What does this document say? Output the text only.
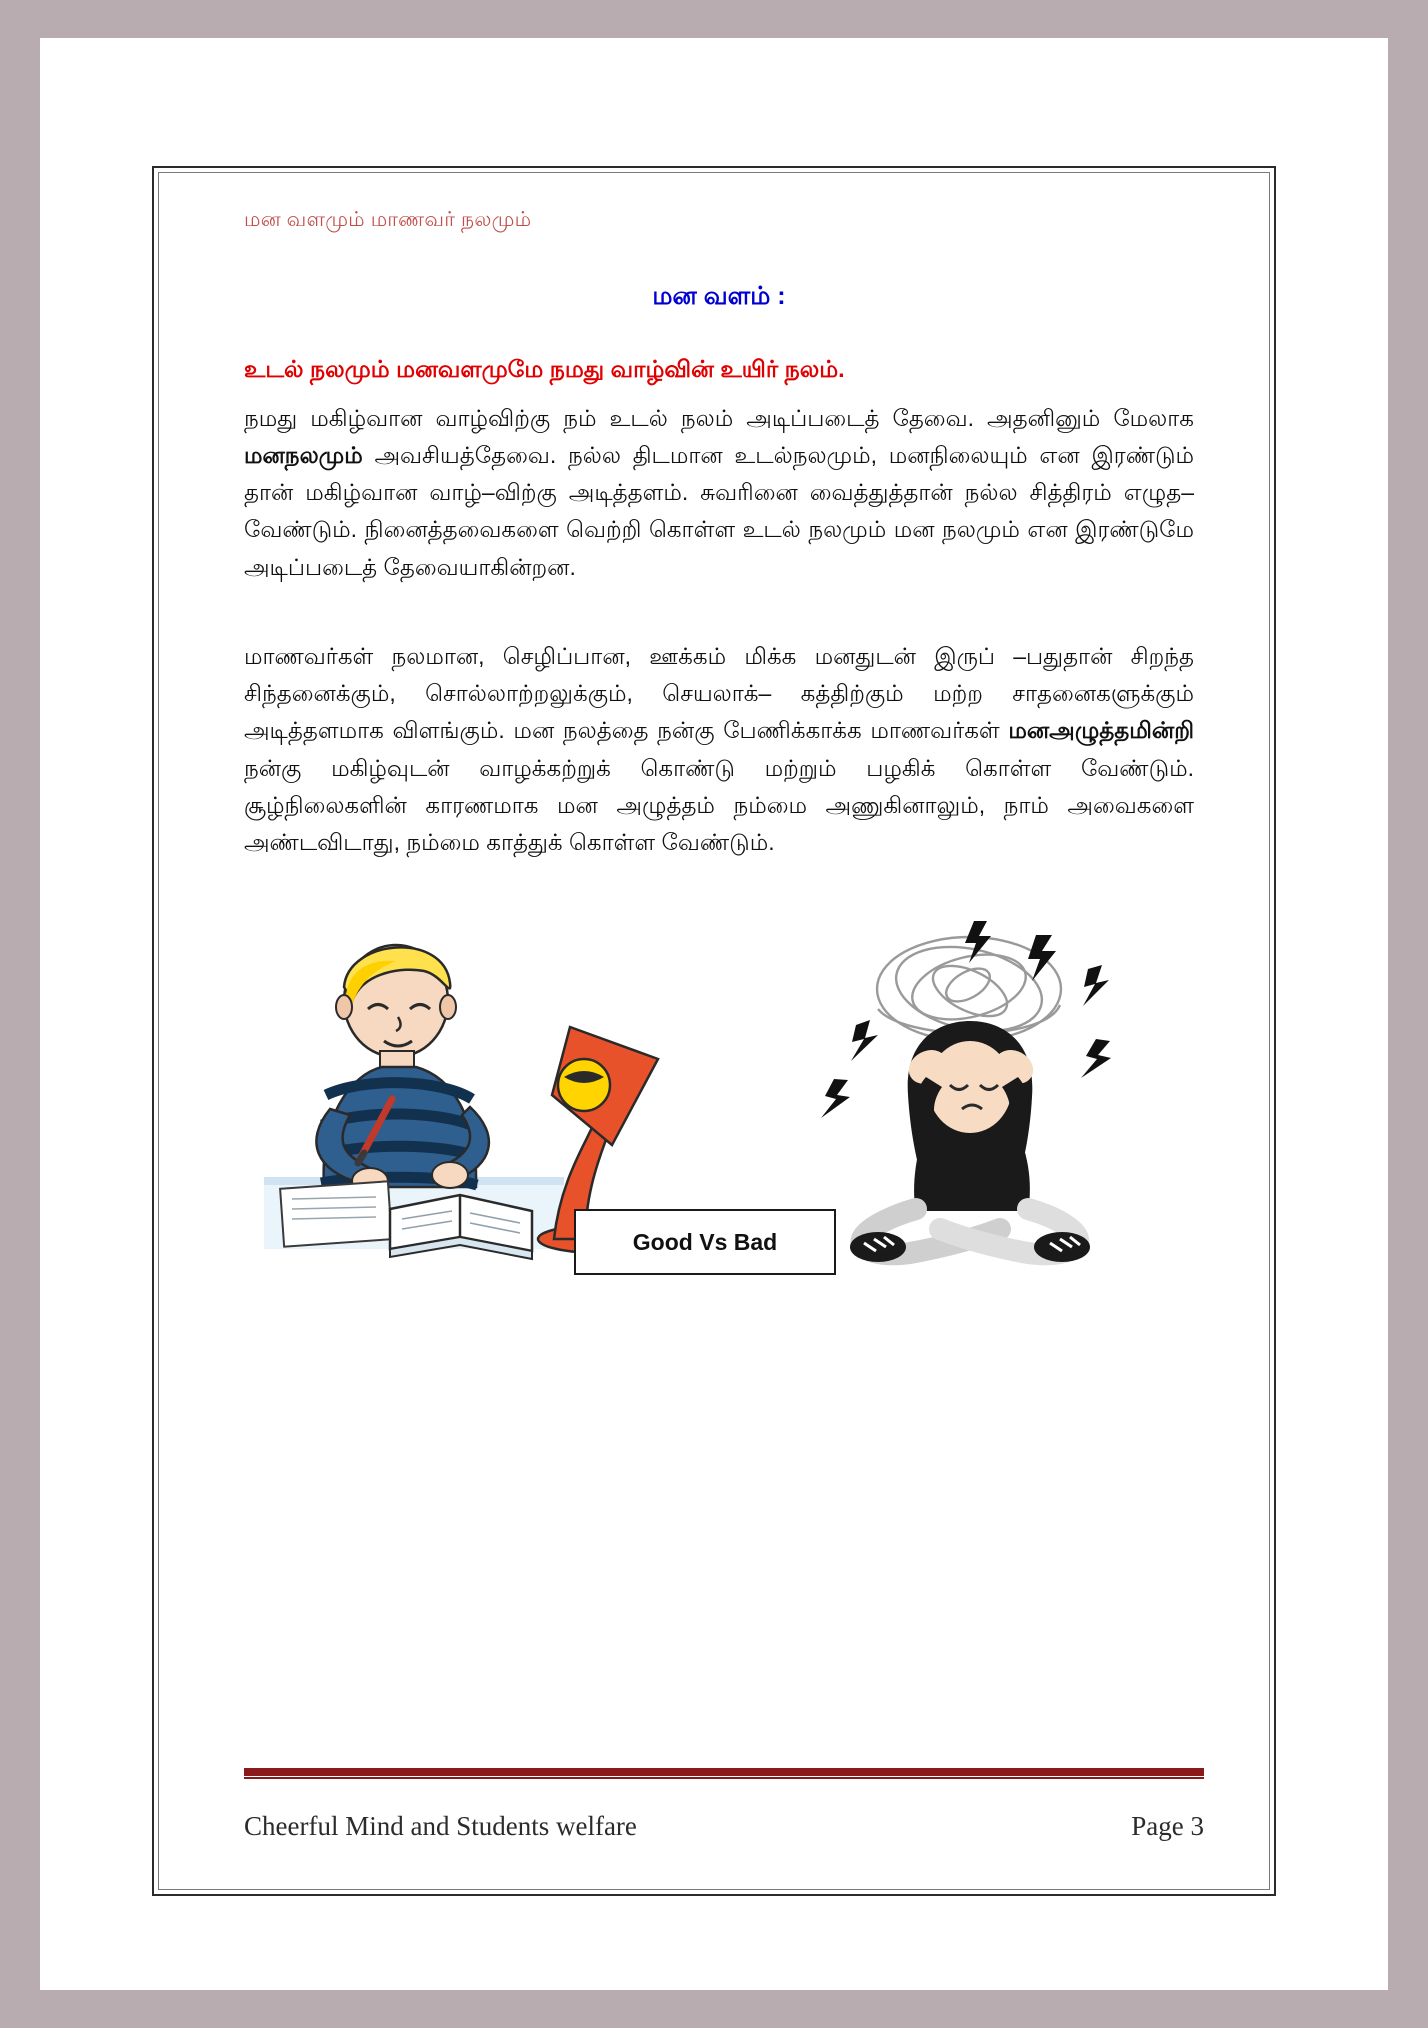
மன வளமும் மாணவர் நலமும்
மன வளம் :
உடல் நலமும் மனவளமுமே நமது வாழ்வின் உயிர் நலம்.

நமது மகிழ்வான வாழ்விற்கு நம் உடல் நலம் அடிப்படைத் தேவை. அதனினும் மேலாக மனநலமும் அவசியத்தேவை. நல்ல திடமான உடல்நலமும், மனநிலையும் என இரண்டும் தான் மகிழ்வான வாழ்–விற்கு அடித்தளம். சுவரினை வைத்துத்தான் நல்ல சித்திரம் எழுத–வேண்டும். நினைத்தவைகளை வெற்றி கொள்ள உடல் நலமும் மன நலமும் என இரண்டுமே அடிப்படைத் தேவையாகின்றன.

மாணவர்கள் நலமான, செழிப்பான, ஊக்கம் மிக்க மனதுடன் இருப் –பதுதான் சிறந்த சிந்தனைக்கும், சொல்லாற்றலுக்கும், செயலாக்– கத்திற்கும் மற்ற சாதனைகளுக்கும் அடித்தளமாக விளங்கும். மன நலத்தை நன்கு பேணிக்காக்க மாணவர்கள் மனஅழுத்தமின்றி நன்கு மகிழ்வுடன் வாழக்கற்றுக் கொண்டு மற்றும் பழகிக் கொள்ள வேண்டும். சூழ்நிலைகளின் காரணமாக மன அழுத்தம் நம்மை அணுகினாலும், நாம் அவைகளை அண்டவிடாது, நம்மை காத்துக் கொள்ள வேண்டும்.

Good Vs Bad
Cheerful Mind and Students welfare	Page 3
